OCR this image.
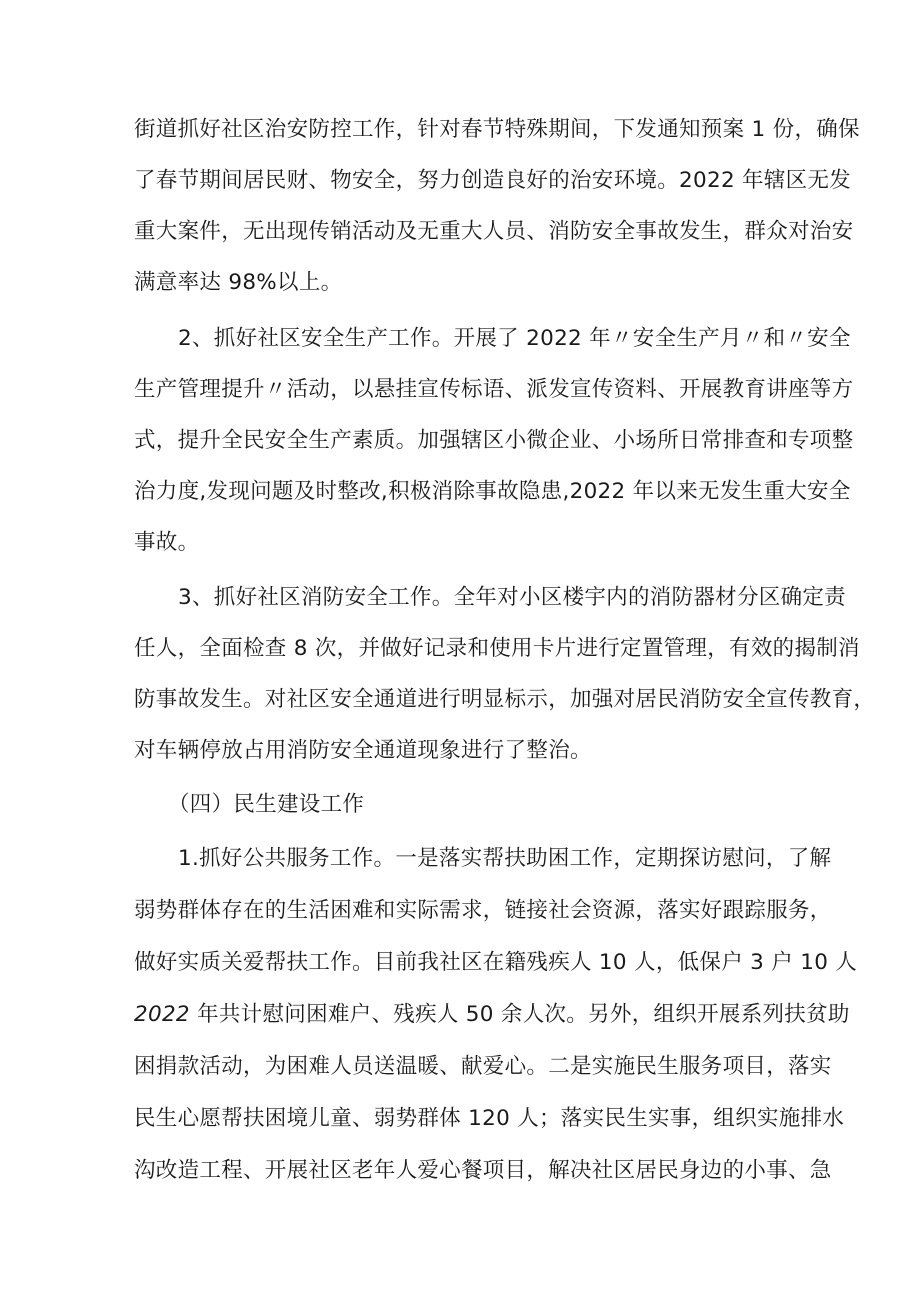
街道抓好社区治安防控工作，针对春节特殊期间，下发通知预案 1 份，确保
了春节期间居民财、物安全，努力创造良好的治安环境。2022 年辖区无发
重大案件，无出现传销活动及无重大人员、消防安全事故发生，群众对治安
满意率达 98%以上。
2、抓好社区安全生产工作。开展了 2022 年〃安全生产月〃和〃安全
生产管理提升〃活动，以悬挂宣传标语、派发宣传资料、开展教育讲座等方
式，提升全民安全生产素质。加强辖区小微企业、小场所日常排查和专项整
治力度,发现问题及时整改,积极消除事故隐患,2022 年以来无发生重大安全
事故。
3、抓好社区消防安全工作。全年对小区楼宇内的消防器材分区确定责
任人，全面检查 8 次，并做好记录和使用卡片进行定置管理，有效的揭制消
防事故发生。对社区安全通道进行明显标示，加强对居民消防安全宣传教育，
对车辆停放占用消防安全通道现象进行了整治。
（四）民生建设工作
1.抓好公共服务工作。一是落实帮扶助困工作，定期探访慰问，了解
弱势群体存在的生活困难和实际需求，链接社会资源，落实好跟踪服务，
做好实质关爱帮扶工作。目前我社区在籍残疾人 10 人，低保户 3 户 10 人
2022 年共计慰问困难户、残疾人 50 余人次。另外，组织开展系列扶贫助
困捐款活动，为困难人员送温暖、献爱心。二是实施民生服务项目，落实
民生心愿帮扶困境儿童、弱势群体 120 人；落实民生实事，组织实施排水
沟改造工程、开展社区老年人爱心餐项目，解决社区居民身边的小事、急
